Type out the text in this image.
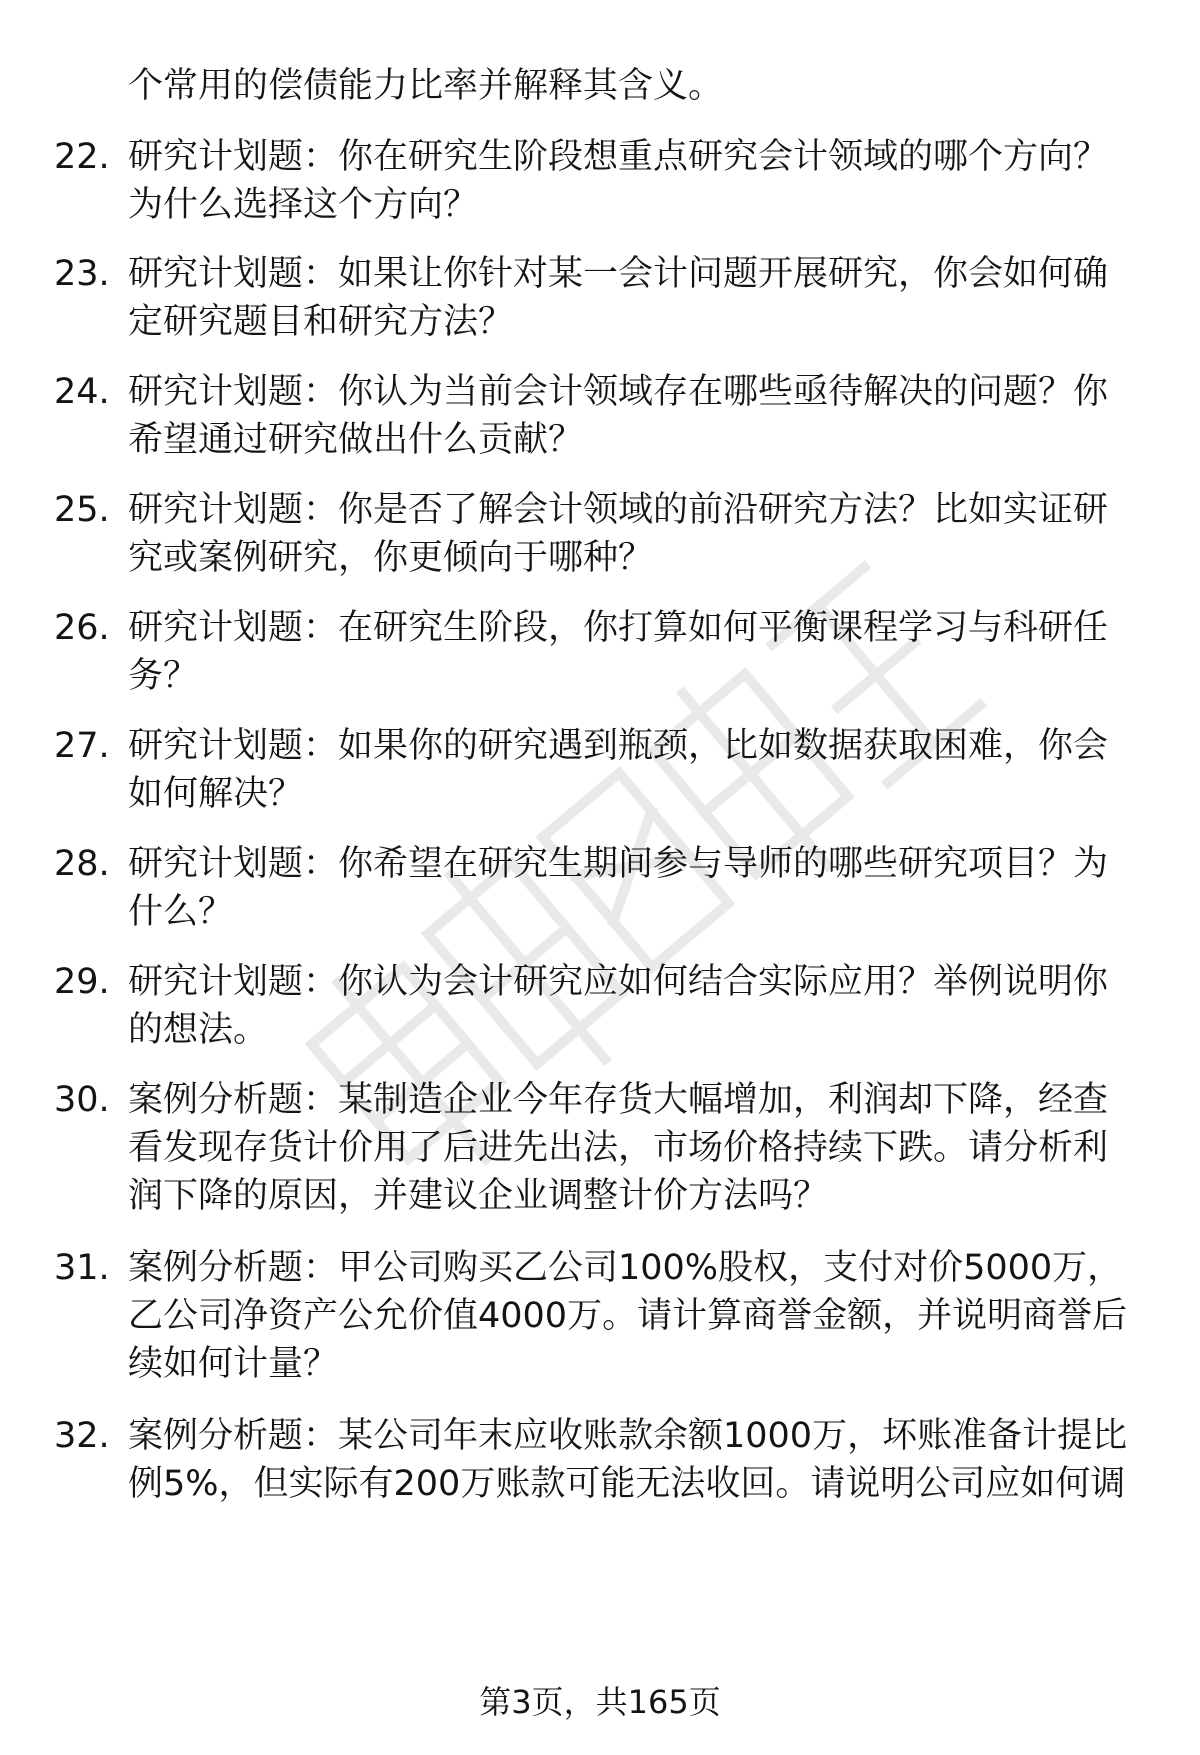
个常用的偿债能力比率并解释其含义。
22. 研究计划题：你在研究生阶段想重点研究会计领域的哪个方向？
为什么选择这个方向？
23. 研究计划题：如果让你针对某一会计问题开展研究，你会如何确
定研究题目和研究方法？
24. 研究计划题：你认为当前会计领域存在哪些亟待解决的问题？你
希望通过研究做出什么贡献？
25. 研究计划题：你是否了解会计领域的前沿研究方法？比如实证研
究或案例研究，你更倾向于哪种？
26. 研究计划题：在研究生阶段，你打算如何平衡课程学习与科研任
务？
27. 研究计划题：如果你的研究遇到瓶颈，比如数据获取困难，你会
如何解决？
28. 研究计划题：你希望在研究生期间参与导师的哪些研究项目？为
什么？
29. 研究计划题：你认为会计研究应如何结合实际应用？举例说明你
的想法。
30. 案例分析题：某制造企业今年存货大幅增加，利润却下降，经查
看发现存货计价用了后进先出法，市场价格持续下跌。请分析利
润下降的原因，并建议企业调整计价方法吗？
31. 案例分析题：甲公司购买乙公司100%股权，支付对价5000万，
乙公司净资产公允价值4000万。请计算商誉金额，并说明商誉后
续如何计量？
32. 案例分析题：某公司年末应收账款余额1000万，坏账准备计提比
例5%，但实际有200万账款可能无法收回。请说明公司应如何调
第3页，共165页
